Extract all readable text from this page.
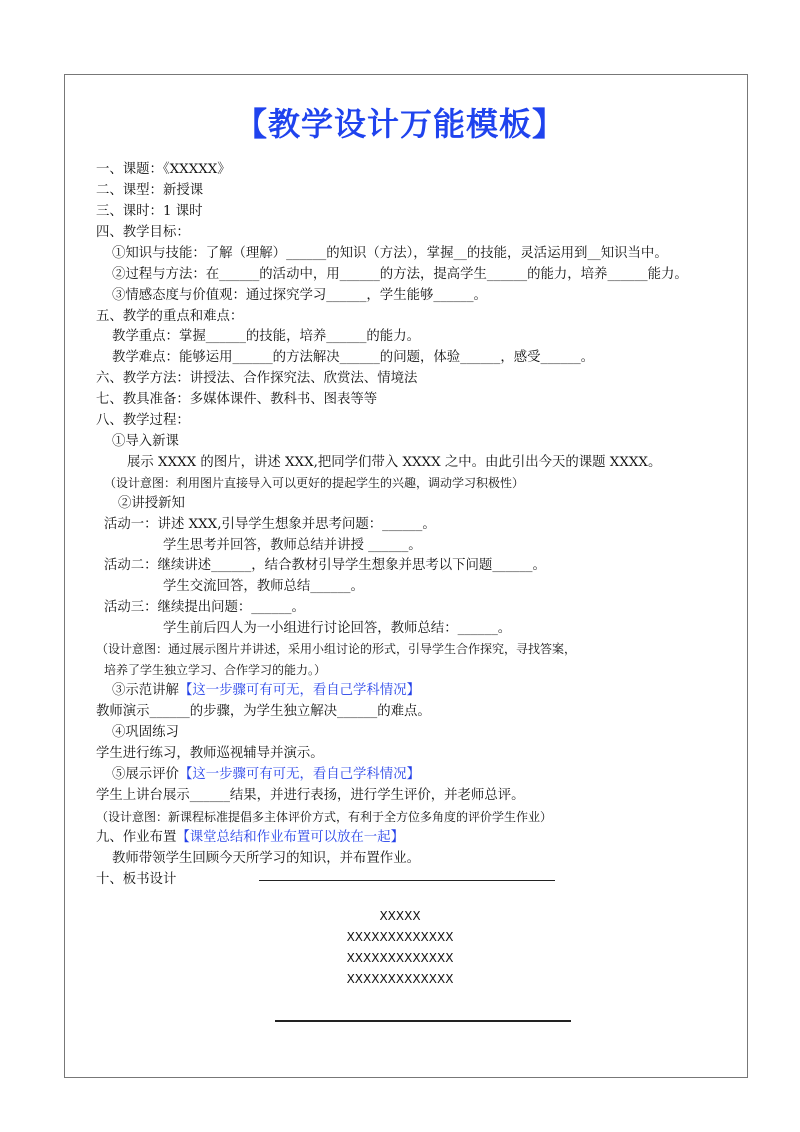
【教学设计万能模板】
一、课题：《XXXXX》
二、课型：新授课
三、课时：1 课时
四、教学目标：
①知识与技能：了解（理解）______的知识（方法），掌握__的技能，灵活运用到__知识当中。
②过程与方法：在______的活动中，用______的方法，提高学生______的能力，培养______能力。
③情感态度与价值观：通过探究学习______，学生能够______。
五、教学的重点和难点：
教学重点：掌握______的技能，培养______的能力。
教学难点：能够运用______的方法解决______的问题，体验______，感受______。
六、教学方法：讲授法、合作探究法、欣赏法、情境法
七、教具准备：多媒体课件、教科书、图表等等
八、教学过程：
①导入新课
展示 XXXX 的图片，讲述 XXX,把同学们带入 XXXX 之中。由此引出今天的课题 XXXX。
（设计意图：利用图片直接导入可以更好的提起学生的兴趣，调动学习积极性）
②讲授新知
活动一：讲述 XXX,引导学生想象并思考问题：______。
学生思考并回答，教师总结并讲授 ______。
活动二：继续讲述______，结合教材引导学生想象并思考以下问题______。
学生交流回答，教师总结______。
活动三：继续提出问题：______。
学生前后四人为一小组进行讨论回答，教师总结：______。
（设计意图：通过展示图片并讲述，采用小组讨论的形式，引导学生合作探究，寻找答案，
培养了学生独立学习、合作学习的能力。）
③示范讲解【这一步骤可有可无，看自己学科情况】
教师演示______的步骤，为学生独立解决______的难点。
④巩固练习
学生进行练习，教师巡视辅导并演示。
⑤展示评价【这一步骤可有可无，看自己学科情况】
学生上讲台展示______结果，并进行表扬，进行学生评价，并老师总评。
（设计意图：新课程标准提倡多主体评价方式，有利于全方位多角度的评价学生作业）
九、作业布置【课堂总结和作业布置可以放在一起】
教师带领学生回顾今天所学习的知识，并布置作业。
十、板书设计
XXXXX
XXXXXXXXXXXXX
XXXXXXXXXXXXX
XXXXXXXXXXXXX
